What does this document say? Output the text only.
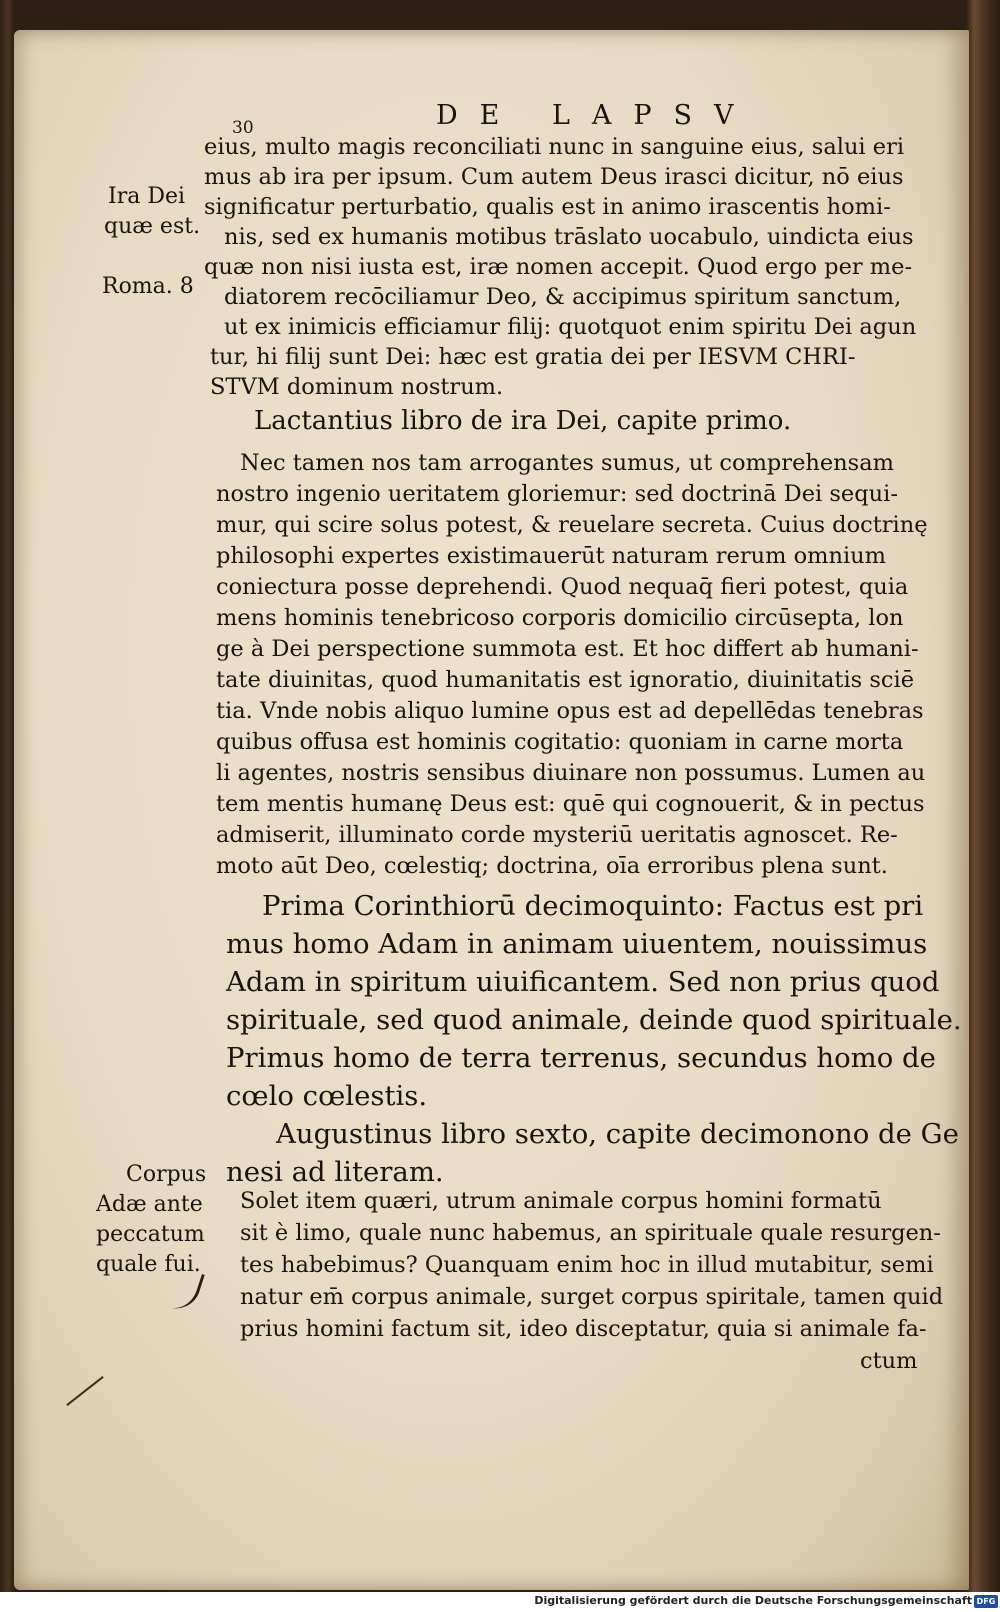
30	DE LAPSV
eius, multo magis reconciliati nunc in sanguine eius, salui eri
mus ab ira per ipsum. Cum autem Deus irasci dicitur, nō eius
significatur perturbatio, qualis est in animo irascentis homi-
nis, sed ex humanis motibus trāslato uocabulo, uindicta eius
quæ non nisi iusta est, iræ nomen accepit. Quod ergo per me-
diatorem recōciliamur Deo, & accipimus spiritum sanctum,
ut ex inimicis efficiamur filij: quotquot enim spiritu Dei agun
tur, hi filij sunt Dei: hæc est gratia dei per IESVM CHRI-
STVM dominum nostrum.
Lactantius libro de ira Dei, capite primo.
Nec tamen nos tam arrogantes sumus, ut comprehensam
nostro ingenio ueritatem gloriemur: sed doctrinā Dei sequi-
mur, qui scire solus potest, & reuelare secreta. Cuius doctrinę
philosophi expertes existimauerūt naturam rerum omnium
coniectura posse deprehendi. Quod nequaq̄ fieri potest, quia
mens hominis tenebricoso corporis domicilio circūsepta, lon
ge à Dei perspectione summota est. Et hoc differt ab humani-
tate diuinitas, quod humanitatis est ignoratio, diuinitatis sciē
tia. Vnde nobis aliquo lumine opus est ad depellēdas tenebras
quibus offusa est hominis cogitatio: quoniam in carne morta
li agentes, nostris sensibus diuinare non possumus. Lumen au
tem mentis humanę Deus est: quē qui cognouerit, & in pectus
admiserit, illuminato corde mysteriū ueritatis agnoscet. Re-
moto aūt Deo, cœlestiq; doctrina, oīa erroribus plena sunt.
Prima Corinthiorū decimoquinto: Factus est pri
mus homo Adam in animam uiuentem, nouissimus
Adam in spiritum uiuificantem. Sed non prius quod
spirituale, sed quod animale, deinde quod spirituale.
Primus homo de terra terrenus, secundus homo de
cœlo cœlestis.
Augustinus libro sexto, capite decimonono de Ge
nesi ad literam.
Solet item quæri, utrum animale corpus homini formatū
sit è limo, quale nunc habemus, an spirituale quale resurgen-
tes habebimus? Quanquam enim hoc in illud mutabitur, semi
natur em̄ corpus animale, surget corpus spiritale, tamen quid
prius homini factum sit, ideo disceptatur, quia si animale fa-
ctum
Ira Dei
quæ est.
Roma. 8
Corpus
Adæ ante
peccatum
quale fui.
Digitalisierung gefördert durch die Deutsche Forschungsgemeinschaft DFG
